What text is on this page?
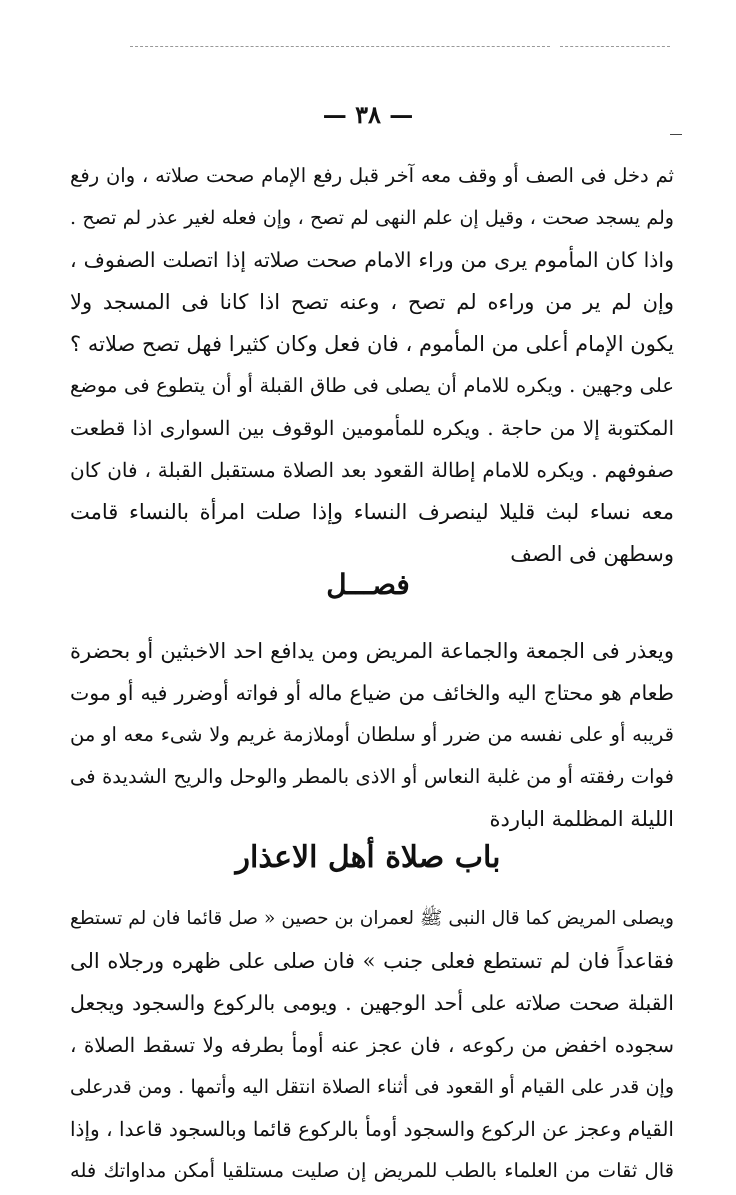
— ٣٨ —
ثم دخل فى الصف أو وقف معه آخر قبل رفع الإمام صحت صلاته ، وان رفع
ولم يسجد صحت ، وقيل إن علم النهى لم تصح ، وإن فعله لغير عذر لم تصح .
واذا كان المأموم يرى من وراء الامام صحت صلاته إذا اتصلت الصفوف ،
وإن لم ير من وراءه لم تصح ، وعنه تصح اذا كانا فى المسجد ولا
يكون الإمام أعلى من المأموم ، فان فعل وكان كثيرا فهل تصح صلاته ؟
على وجهين . ويكره للامام أن يصلى فى طاق القبلة أو أن يتطوع فى موضع
المكتوبة إلا من حاجة . ويكره للمأمومين الوقوف بين السوارى اذا قطعت
صفوفهم . ويكره للامام إطالة القعود بعد الصلاة مستقبل القبلة ، فان كان
معه نساء لبث قليلا لينصرف النساء وإذا صلت امرأة بالنساء قامت
وسطهن فى الصف
فصـــل
ويعذر فى الجمعة والجماعة المريض ومن يدافع احد الاخبثين أو بحضرة
طعام هو محتاج اليه والخائف من ضياع ماله أو فواته أوضرر فيه أو موت
قريبه أو على نفسه من ضرر أو سلطان أوملازمة غريم ولا شىء معه او من
فوات رفقته أو من غلبة النعاس أو الاذى بالمطر والوحل والريح الشديدة فى
الليلة المظلمة الباردة
باب صلاة أهل الاعذار
ويصلى المريض كما قال النبى ﷺ لعمران بن حصين « صل قائما فان لم تستطع
فقاعداً فان لم تستطع فعلى جنب » فان صلى على ظهره ورجلاه الى
القبلة صحت صلاته على أحد الوجهين . ويومى بالركوع والسجود ويجعل
سجوده اخفض من ركوعه ، فان عجز عنه أومأ بطرفه ولا تسقط الصلاة ،
وإن قدر على القيام أو القعود فى أثناء الصلاة انتقل اليه وأتمها . ومن قدرعلى
القيام وعجز عن الركوع والسجود أومأ بالركوع قائما وبالسجود قاعدا ، وإذا
قال ثقات من العلماء بالطب للمريض إن صليت مستلقيا أمكن مداواتك فله
